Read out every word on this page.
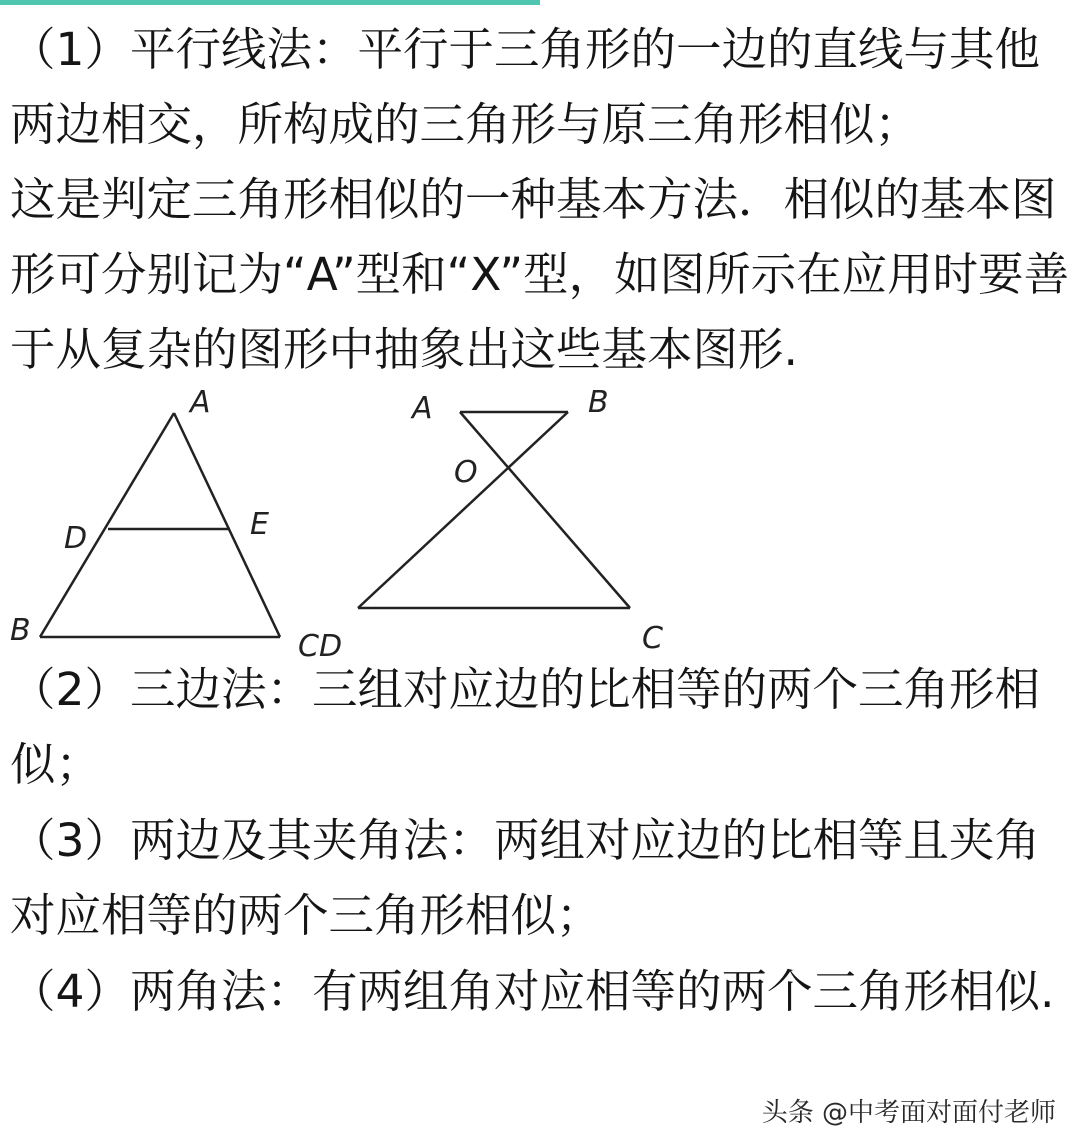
（1）平行线法：平行于三角形的一边的直线与其他两边相交，所构成的三角形与原三角形相似；
这是判定三角形相似的一种基本方法．相似的基本图形可分别记为“A”型和“X”型，如图所示在应用时要善于从复杂的图形中抽象出这些基本图形.

A
D	E
B	CD
A	B
O
C

（2）三边法：三组对应边的比相等的两个三角形相似；

（3）两边及其夹角法：两组对应边的比相等且夹角对应相等的两个三角形相似；

（4）两角法：有两组角对应相等的两个三角形相似.

头条 @中考面对面付老师
